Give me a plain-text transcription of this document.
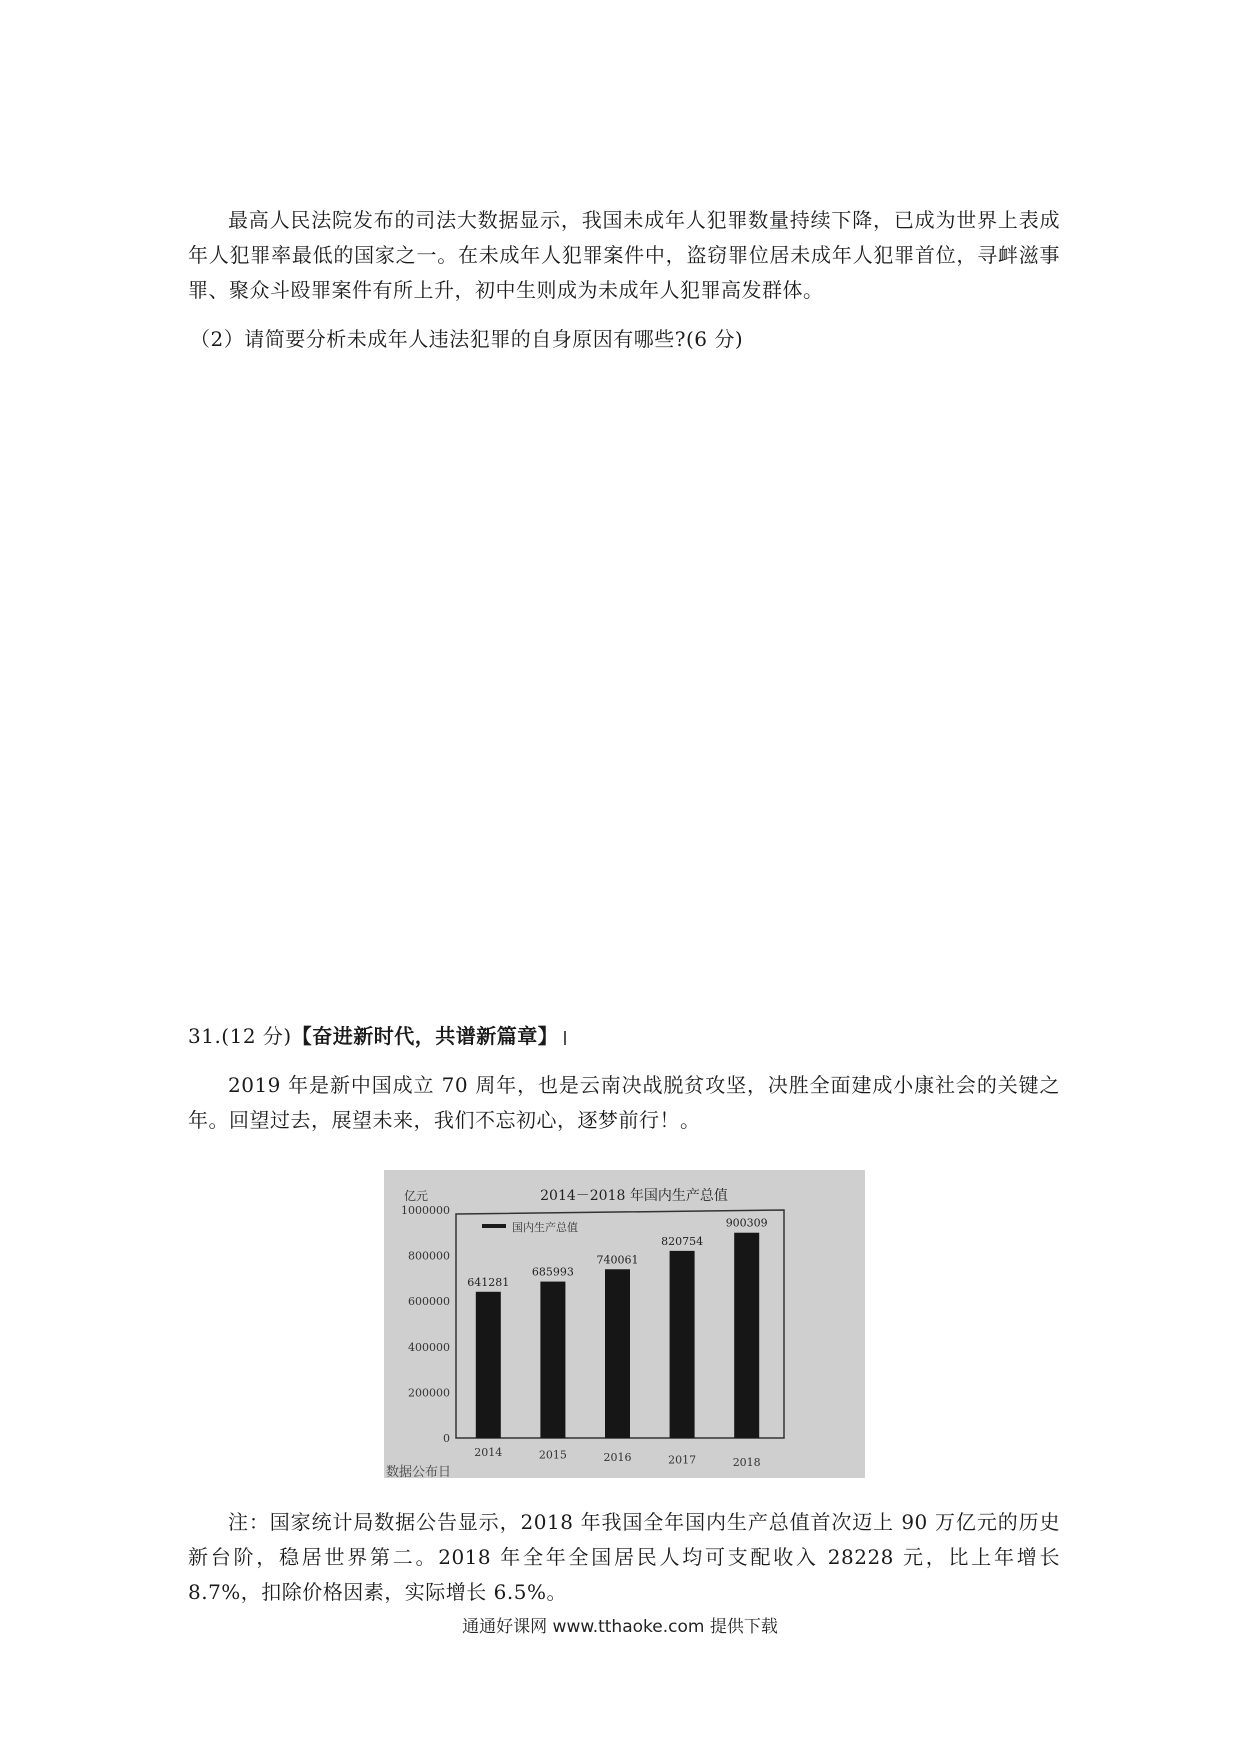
最高人民法院发布的司法大数据显示，我国未成年人犯罪数量持续下降，已成为世界上表成年人犯罪率最低的国家之一。在未成年人犯罪案件中，盗窃罪位居未成年人犯罪首位，寻衅滋事罪、聚众斗殴罪案件有所上升，初中生则成为未成年人犯罪高发群体。

（2）请简要分析未成年人违法犯罪的自身原因有哪些?(6 分)

31.(12 分)【奋进新时代，共谱新篇章】

2019 年是新中国成立 70 周年，也是云南决战脱贫攻坚，决胜全面建成小康社会的关键之年。回望过去，展望未来，我们不忘初心，逐梦前行！。

亿元	2014－2018 年国内生产总值
国内生产总值
0
200000
400000
600000
800000
1000000
641281
685993
740061
820754
900309
2014	2015	2016	2017	2018
数据公布日

注：国家统计局数据公告显示，2018 年我国全年国内生产总值首次迈上 90 万亿元的历史新台阶，稳居世界第二。2018 年全年全国居民人均可支配收入 28228 元，比上年增长 8.7%，扣除价格因素，实际增长 6.5%。

通通好课网 www.tthaoke.com 提供下载
